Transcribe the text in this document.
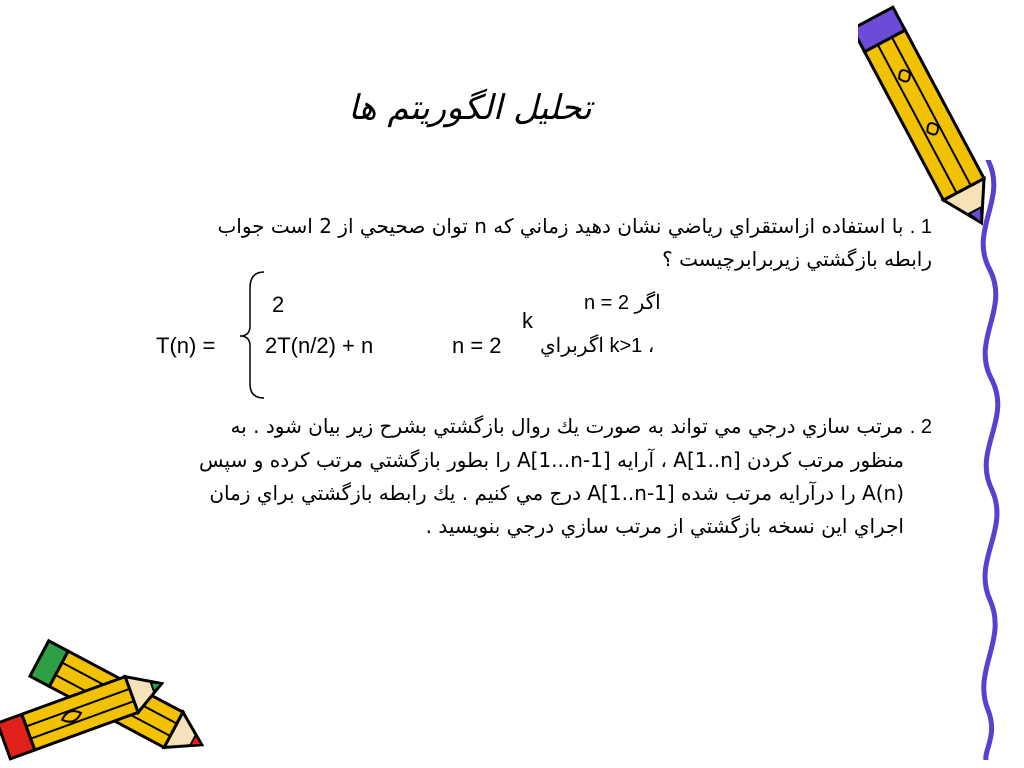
تحليل الگوريتم ها
1 . با استفاده ازاستقراي رياضي نشان دهيد زماني كه n توان صحيحي از 2 است جواب
رابطه بازگشتي زيربرابرچيست ؟
T(n) =
2	اگر n = 2
2T(n/2) + n	n = 2
k
، k>1 اگربراي
2 . مرتب سازي درجي مي تواند به صورت يك روال بازگشتي بشرح زير بيان شود . به
منظور مرتب كردن A[1..n] ، آرايه A[1...n-1] را بطور بازگشتي مرتب كرده و سپس
A(n) را درآرايه مرتب شده A[1..n-1] درج مي كنيم . يك رابطه بازگشتي براي زمان
اجراي اين نسخه بازگشتي از مرتب سازي درجي بنويسيد .
